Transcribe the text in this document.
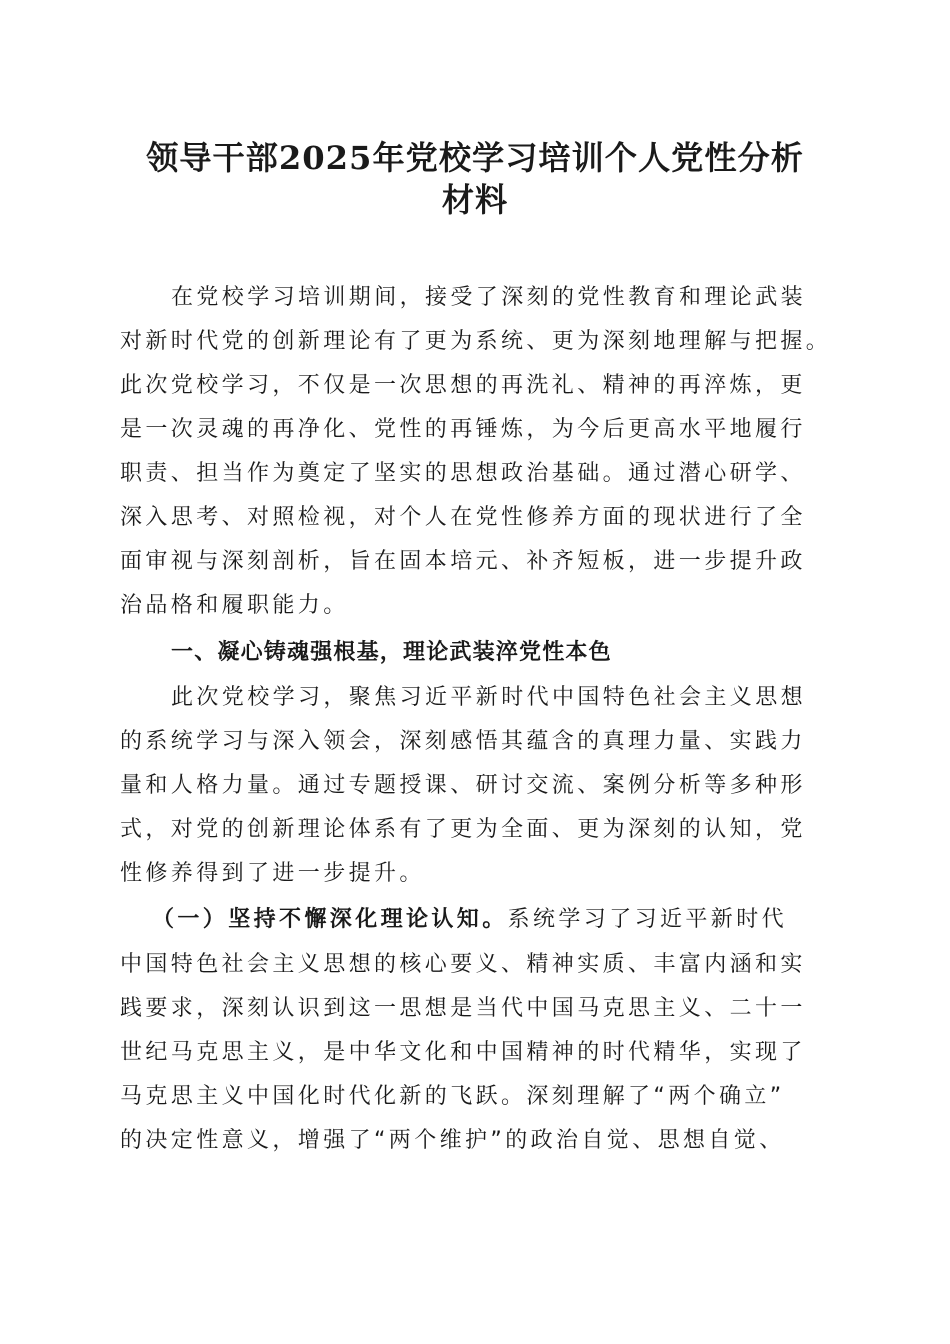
领导干部2025年党校学习培训个人党性分析
材料
在党校学习培训期间，接受了深刻的党性教育和理论武装
对新时代党的创新理论有了更为系统、更为深刻地理解与把握。
此次党校学习，不仅是一次思想的再洗礼、精神的再淬炼，更
是一次灵魂的再净化、党性的再锤炼，为今后更高水平地履行
职责、担当作为奠定了坚实的思想政治基础。通过潜心研学、
深入思考、对照检视，对个人在党性修养方面的现状进行了全
面审视与深刻剖析，旨在固本培元、补齐短板，进一步提升政
治品格和履职能力。
一、凝心铸魂强根基，理论武装淬党性本色
此次党校学习，聚焦习近平新时代中国特色社会主义思想
的系统学习与深入领会，深刻感悟其蕴含的真理力量、实践力
量和人格力量。通过专题授课、研讨交流、案例分析等多种形
式，对党的创新理论体系有了更为全面、更为深刻的认知，党
性修养得到了进一步提升。
（一）坚持不懈深化理论认知。系统学习了习近平新时代
中国特色社会主义思想的核心要义、精神实质、丰富内涵和实
践要求，深刻认识到这一思想是当代中国马克思主义、二十一
世纪马克思主义，是中华文化和中国精神的时代精华，实现了
马克思主义中国化时代化新的飞跃。深刻理解了“两个确立”
的决定性意义，增强了“两个维护”的政治自觉、思想自觉、
